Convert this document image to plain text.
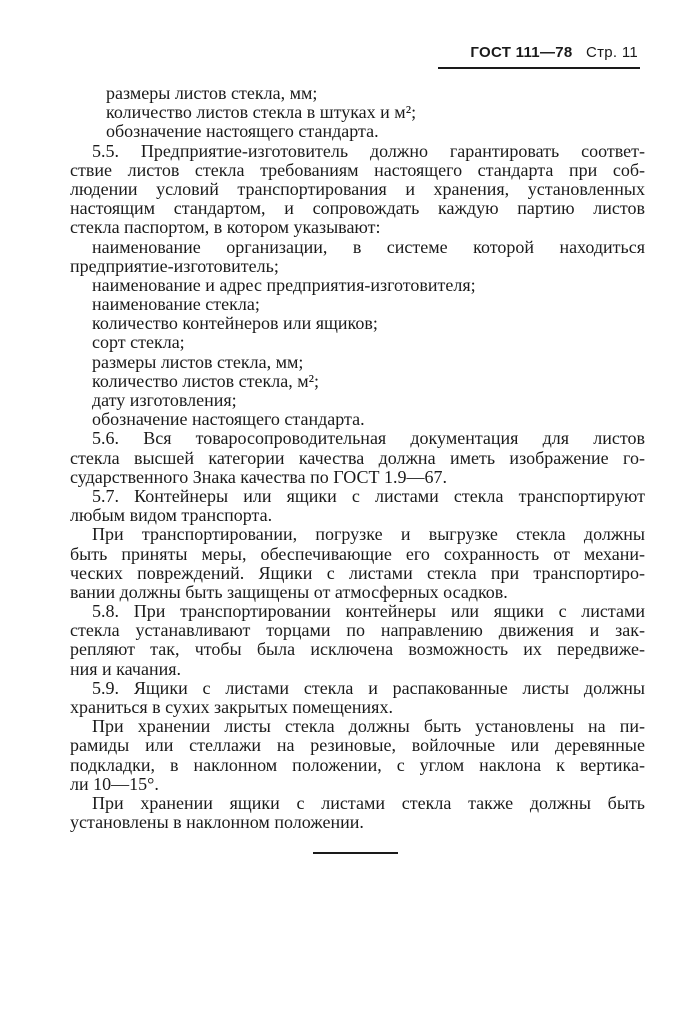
ГОСТ 111—78 Стр. 11
размеры листов стекла, мм;
количество листов стекла в штуках и м²;
обозначение настоящего стандарта.
5.5. Предприятие-изготовитель должно гарантировать соответ-
ствие листов стекла требованиям настоящего стандарта при соб-
людении условий транспортирования и хранения, установленных
настоящим стандартом, и сопровождать каждую партию листов
стекла паспортом, в котором указывают:
наименование организации, в системе которой находиться
предприятие-изготовитель;
наименование и адрес предприятия-изготовителя;
наименование стекла;
количество контейнеров или ящиков;
сорт стекла;
размеры листов стекла, мм;
количество листов стекла, м²;
дату изготовления;
обозначение настоящего стандарта.
5.6. Вся товаросопроводительная документация для листов
стекла высшей категории качества должна иметь изображение го-
сударственного Знака качества по ГОСТ 1.9—67.
5.7. Контейнеры или ящики с листами стекла транспортируют
любым видом транспорта.
При транспортировании, погрузке и выгрузке стекла должны
быть приняты меры, обеспечивающие его сохранность от механи-
ческих повреждений. Ящики с листами стекла при транспортиро-
вании должны быть защищены от атмосферных осадков.
5.8. При транспортировании контейнеры или ящики с листами
стекла устанавливают торцами по направлению движения и зак-
репляют так, чтобы была исключена возможность их передвиже-
ния и качания.
5.9. Ящики с листами стекла и распакованные листы должны
храниться в сухих закрытых помещениях.
При хранении листы стекла должны быть установлены на пи-
рамиды или стеллажи на резиновые, войлочные или деревянные
подкладки, в наклонном положении, с углом наклона к вертика-
ли 10—15°.
При хранении ящики с листами стекла также должны быть
установлены в наклонном положении.
